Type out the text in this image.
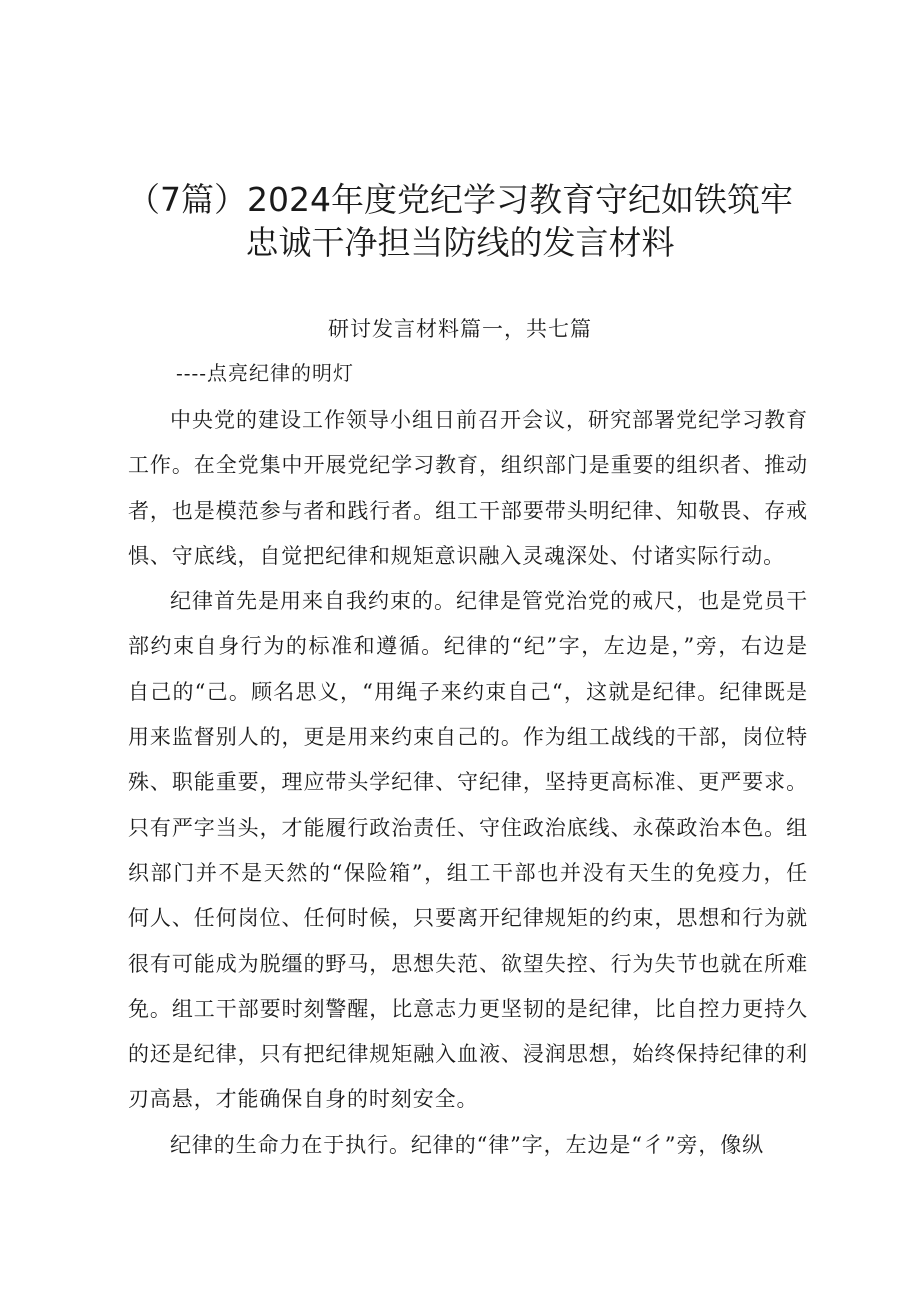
（7篇）2024年度党纪学习教育守纪如铁筑牢
忠诚干净担当防线的发言材料
研讨发言材料篇一，共七篇
----点亮纪律的明灯

中央党的建设工作领导小组日前召开会议，研究部署党纪学习教育工作。在全党集中开展党纪学习教育，组织部门是重要的组织者、推动者，也是模范参与者和践行者。组工干部要带头明纪律、知敬畏、存戒惧、守底线，自觉把纪律和规矩意识融入灵魂深处、付诸实际行动。

纪律首先是用来自我约束的。纪律是管党治党的戒尺，也是党员干部约束自身行为的标准和遵循。纪律的“纪”字，左边是，”旁，右边是自己的“己。顾名思义，“用绳子来约束自己“，这就是纪律。纪律既是用来监督别人的，更是用来约束自己的。作为组工战线的干部，岗位特殊、职能重要，理应带头学纪律、守纪律，坚持更高标准、更严要求。只有严字当头，才能履行政治责任、守住政治底线、永葆政治本色。组织部门并不是天然的“保险箱”，组工干部也并没有天生的免疫力，任何人、任何岗位、任何时候，只要离开纪律规矩的约束，思想和行为就很有可能成为脱缰的野马，思想失范、欲望失控、行为失节也就在所难免。组工干部要时刻警醒，比意志力更坚韧的是纪律，比自控力更持久的还是纪律，只有把纪律规矩融入血液、浸润思想，始终保持纪律的利刃高悬，才能确保自身的时刻安全。

纪律的生命力在于执行。纪律的“律”字，左边是“彳”旁，像纵
